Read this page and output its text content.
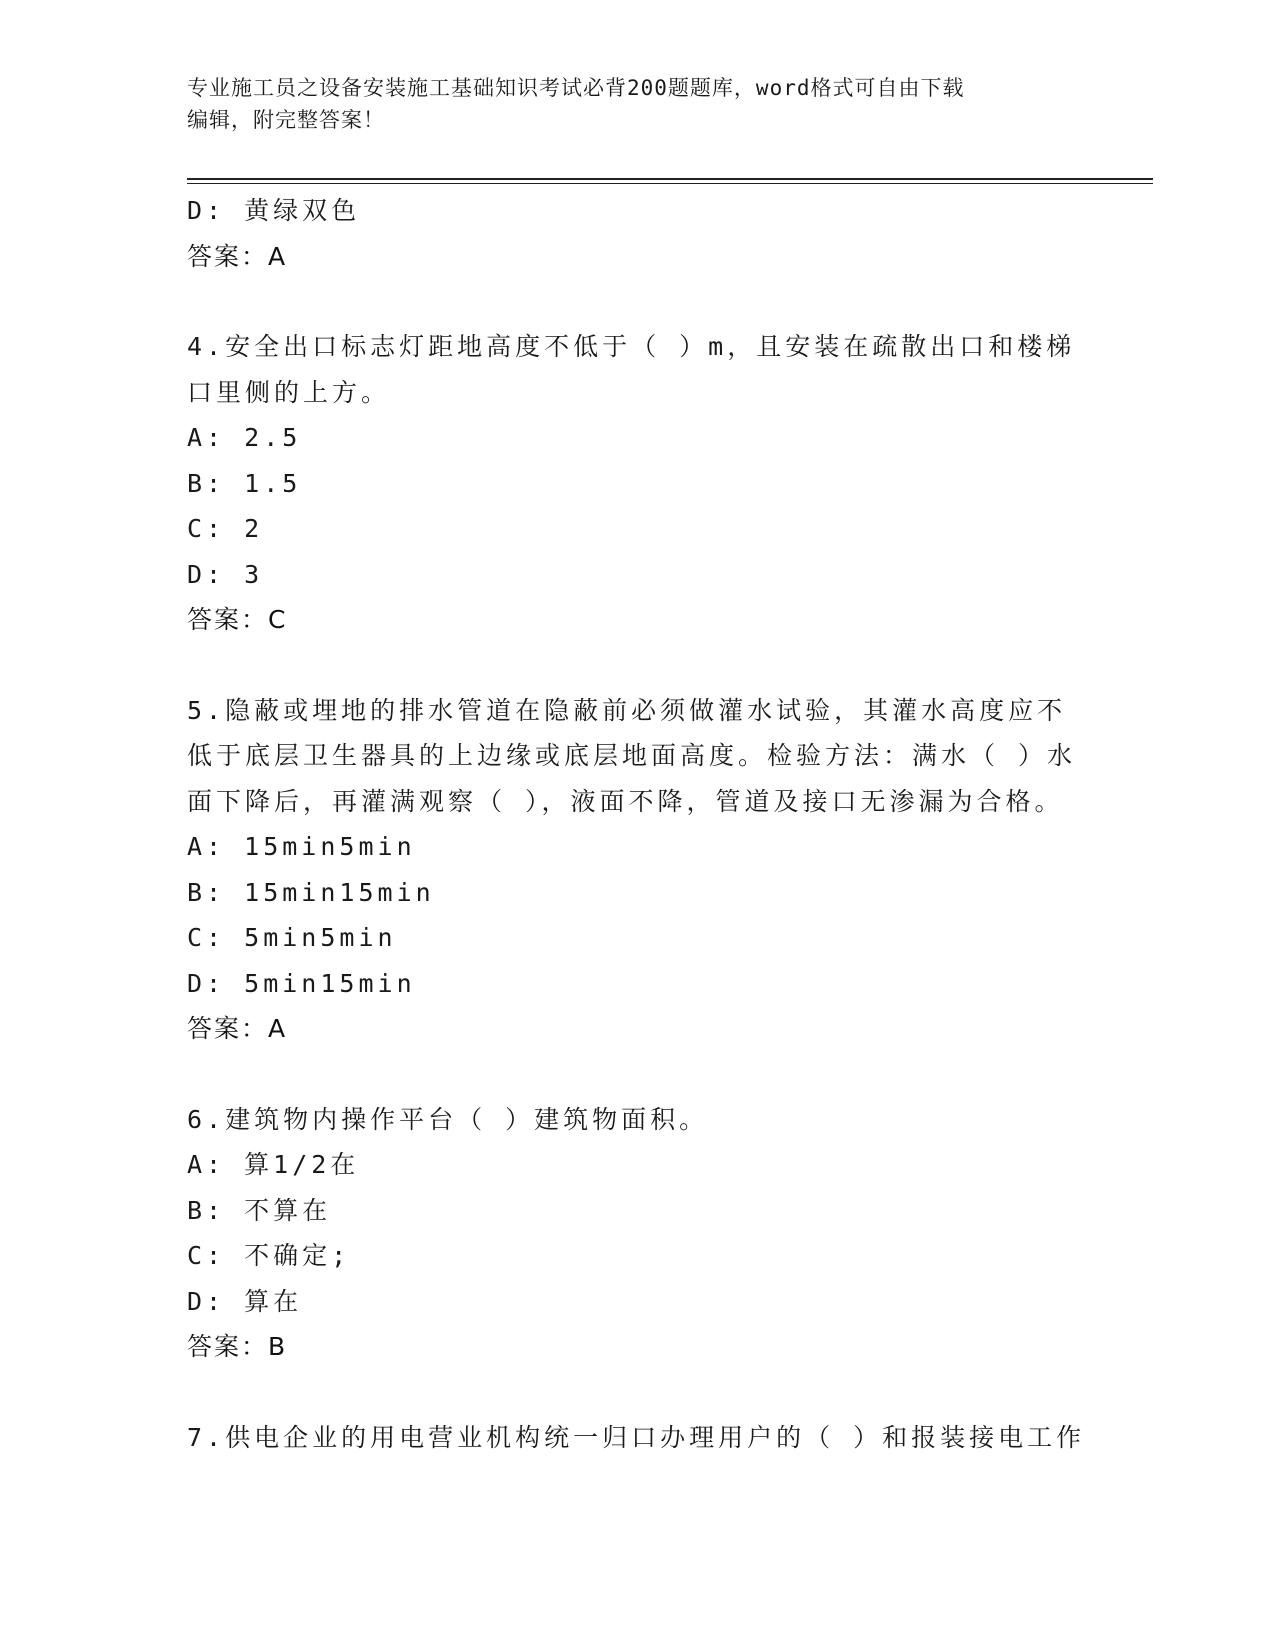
专业施工员之设备安装施工基础知识考试必背200题题库，word格式可自由下载
编辑，附完整答案！
D: 黄绿双色
答案：A
4.安全出口标志灯距地高度不低于（ ）m，且安装在疏散出口和楼梯
口里侧的上方。
A: 2.5
B: 1.5
C: 2
D: 3
答案：C
5.隐蔽或埋地的排水管道在隐蔽前必须做灌水试验，其灌水高度应不
低于底层卫生器具的上边缘或底层地面高度。检验方法：满水（ ）水
面下降后，再灌满观察（ ），液面不降，管道及接口无渗漏为合格。
A: 15min5min
B: 15min15min
C: 5min5min
D: 5min15min
答案：A
6.建筑物内操作平台（ ）建筑物面积。
A: 算1/2在
B: 不算在
C: 不确定;
D: 算在
答案：B
7.供电企业的用电营业机构统一归口办理用户的（ ）和报装接电工作
